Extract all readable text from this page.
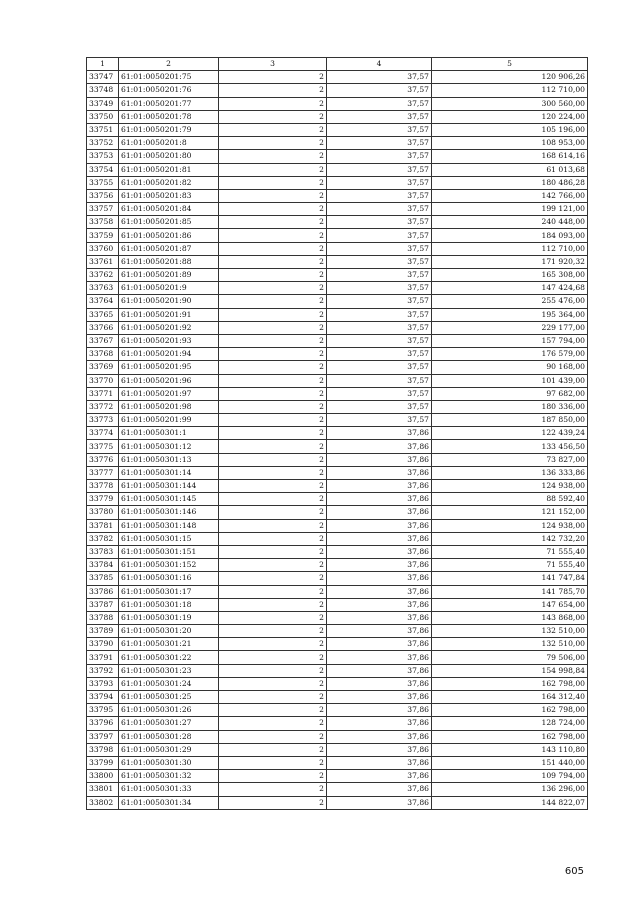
1	2	3	4	5
33747	61:01:0050201:75	2	37,57	120 906,26
33748	61:01:0050201:76	2	37,57	112 710,00
33749	61:01:0050201:77	2	37,57	300 560,00
33750	61:01:0050201:78	2	37,57	120 224,00
33751	61:01:0050201:79	2	37,57	105 196,00
33752	61:01:0050201:8	2	37,57	108 953,00
33753	61:01:0050201:80	2	37,57	168 614,16
33754	61:01:0050201:81	2	37,57	61 013,68
33755	61:01:0050201:82	2	37,57	180 486,28
33756	61:01:0050201:83	2	37,57	142 766,00
33757	61:01:0050201:84	2	37,57	199 121,00
33758	61:01:0050201:85	2	37,57	240 448,00
33759	61:01:0050201:86	2	37,57	184 093,00
33760	61:01:0050201:87	2	37,57	112 710,00
33761	61:01:0050201:88	2	37,57	171 920,32
33762	61:01:0050201:89	2	37,57	165 308,00
33763	61:01:0050201:9	2	37,57	147 424,68
33764	61:01:0050201:90	2	37,57	255 476,00
33765	61:01:0050201:91	2	37,57	195 364,00
33766	61:01:0050201:92	2	37,57	229 177,00
33767	61:01:0050201:93	2	37,57	157 794,00
33768	61:01:0050201:94	2	37,57	176 579,00
33769	61:01:0050201:95	2	37,57	90 168,00
33770	61:01:0050201:96	2	37,57	101 439,00
33771	61:01:0050201:97	2	37,57	97 682,00
33772	61:01:0050201:98	2	37,57	180 336,00
33773	61:01:0050201:99	2	37,57	187 850,00
33774	61:01:0050301:1	2	37,86	122 439,24
33775	61:01:0050301:12	2	37,86	133 456,50
33776	61:01:0050301:13	2	37,86	73 827,00
33777	61:01:0050301:14	2	37,86	136 333,86
33778	61:01:0050301:144	2	37,86	124 938,00
33779	61:01:0050301:145	2	37,86	88 592,40
33780	61:01:0050301:146	2	37,86	121 152,00
33781	61:01:0050301:148	2	37,86	124 938,00
33782	61:01:0050301:15	2	37,86	142 732,20
33783	61:01:0050301:151	2	37,86	71 555,40
33784	61:01:0050301:152	2	37,86	71 555,40
33785	61:01:0050301:16	2	37,86	141 747,84
33786	61:01:0050301:17	2	37,86	141 785,70
33787	61:01:0050301:18	2	37,86	147 654,00
33788	61:01:0050301:19	2	37,86	143 868,00
33789	61:01:0050301:20	2	37,86	132 510,00
33790	61:01:0050301:21	2	37,86	132 510,00
33791	61:01:0050301:22	2	37,86	79 506,00
33792	61:01:0050301:23	2	37,86	154 998,84
33793	61:01:0050301:24	2	37,86	162 798,00
33794	61:01:0050301:25	2	37,86	164 312,40
33795	61:01:0050301:26	2	37,86	162 798,00
33796	61:01:0050301:27	2	37,86	128 724,00
33797	61:01:0050301:28	2	37,86	162 798,00
33798	61:01:0050301:29	2	37,86	143 110,80
33799	61:01:0050301:30	2	37,86	151 440,00
33800	61:01:0050301:32	2	37,86	109 794,00
33801	61:01:0050301:33	2	37,86	136 296,00
33802	61:01:0050301:34	2	37,86	144 822,07
605
